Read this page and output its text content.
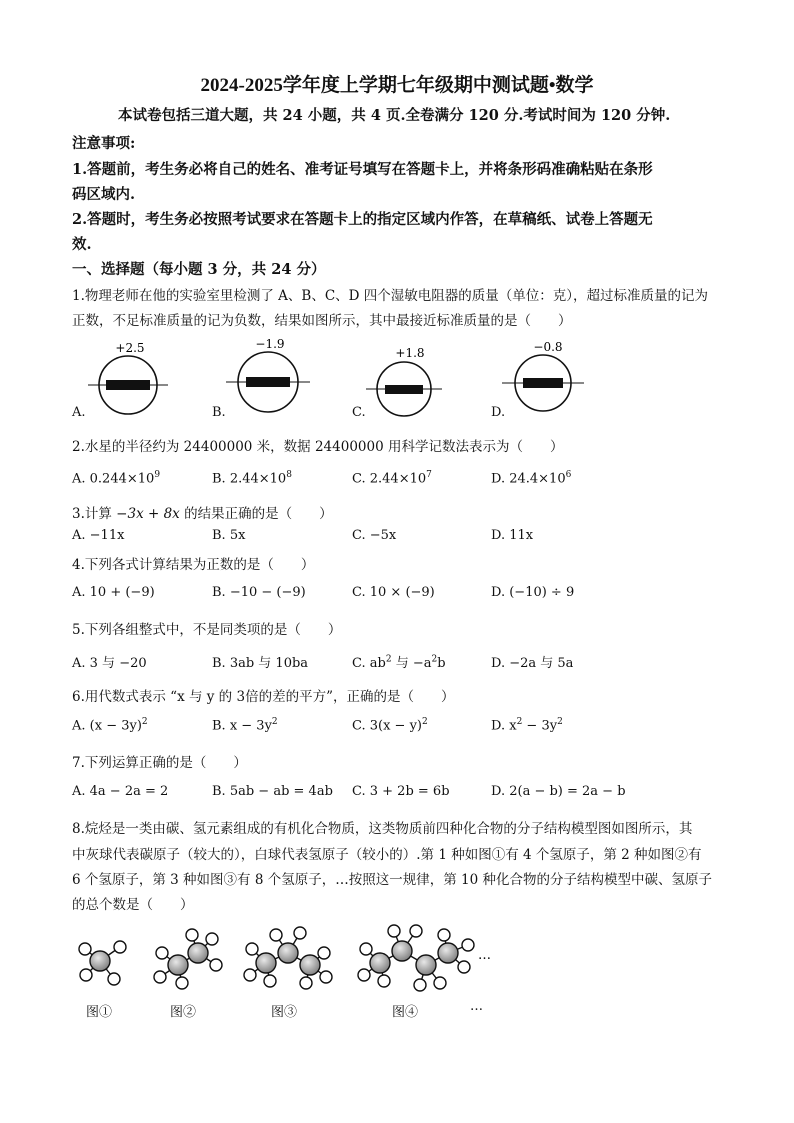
2024-2025学年度上学期七年级期中测试题•数学
本试卷包括三道大题，共 24 小题，共 4 页.全卷满分 120 分.考试时间为 120 分钟.
注意事项:
1.答题前，考生务必将自己的姓名、准考证号填写在答题卡上，并将条形码准确粘贴在条形
码区域内.
2.答题时，考生务必按照考试要求在答题卡上的指定区域内作答，在草稿纸、试卷上答题无
效.
一、选择题（每小题 3 分，共 24 分）
1.物理老师在他的实验室里检测了 A、B、C、D 四个湿敏电阻器的质量（单位：克），超过标准质量的记为
正数，不足标准质量的记为负数，结果如图所示，其中最接近标准质量的是（　　）
+2.5	−1.9
+1.8	−0.8
A.	B.	C.	D.
2.水星的半径约为 24400000 米，数据 24400000 用科学记数法表示为（　　）
A. $0.244\times 10^9$	B. $2.44\times 10^8$	C. $2.44\times 10^7$	D. $24.4\times 10^6$
3.计算 −3x + 8x 的结果正确的是（　　）
A. −11x	B. 5x	C. −5x	D. 11x
4.下列各式计算结果为正数的是（　　）
A. 10 + (−9)	B. −10 − (−9)	C. 10 × (−9)	D. (−10) ÷ 9
5.下列各组整式中，不是同类项的是（　　）
A. 3 与 −20	B. 3ab 与 10ba	C. $ab^2$ 与 $-a^2b$	D. −2a 与 5a
6.用代数式表示 “x 与 y 的 3倍的差的平方”，正确的是（　　）
A. $(x - 3y)^2$	B. $x - 3y^2$	C. $3(x - y)^2$	D. $x^2 - 3y^2$
7.下列运算正确的是（　　）
A. 4a − 2a = 2	B. 5ab − ab = 4ab C. 3 + 2b = 6b	D. 2(a − b) = 2a − b
8.烷烃是一类由碳、氢元素组成的有机化合物质，这类物质前四种化合物的分子结构模型图如图所示，其
中灰球代表碳原子（较大的），白球代表氢原子（较小的）.第 1 种如图①有 4 个氢原子，第 2 种如图②有
6 个氢原子，第 3 种如图③有 8 个氢原子，…按照这一规律，第 10 种化合物的分子结构模型中碳、氢原子
的总个数是（　　）
…
图①	图②	图③	图④	…
